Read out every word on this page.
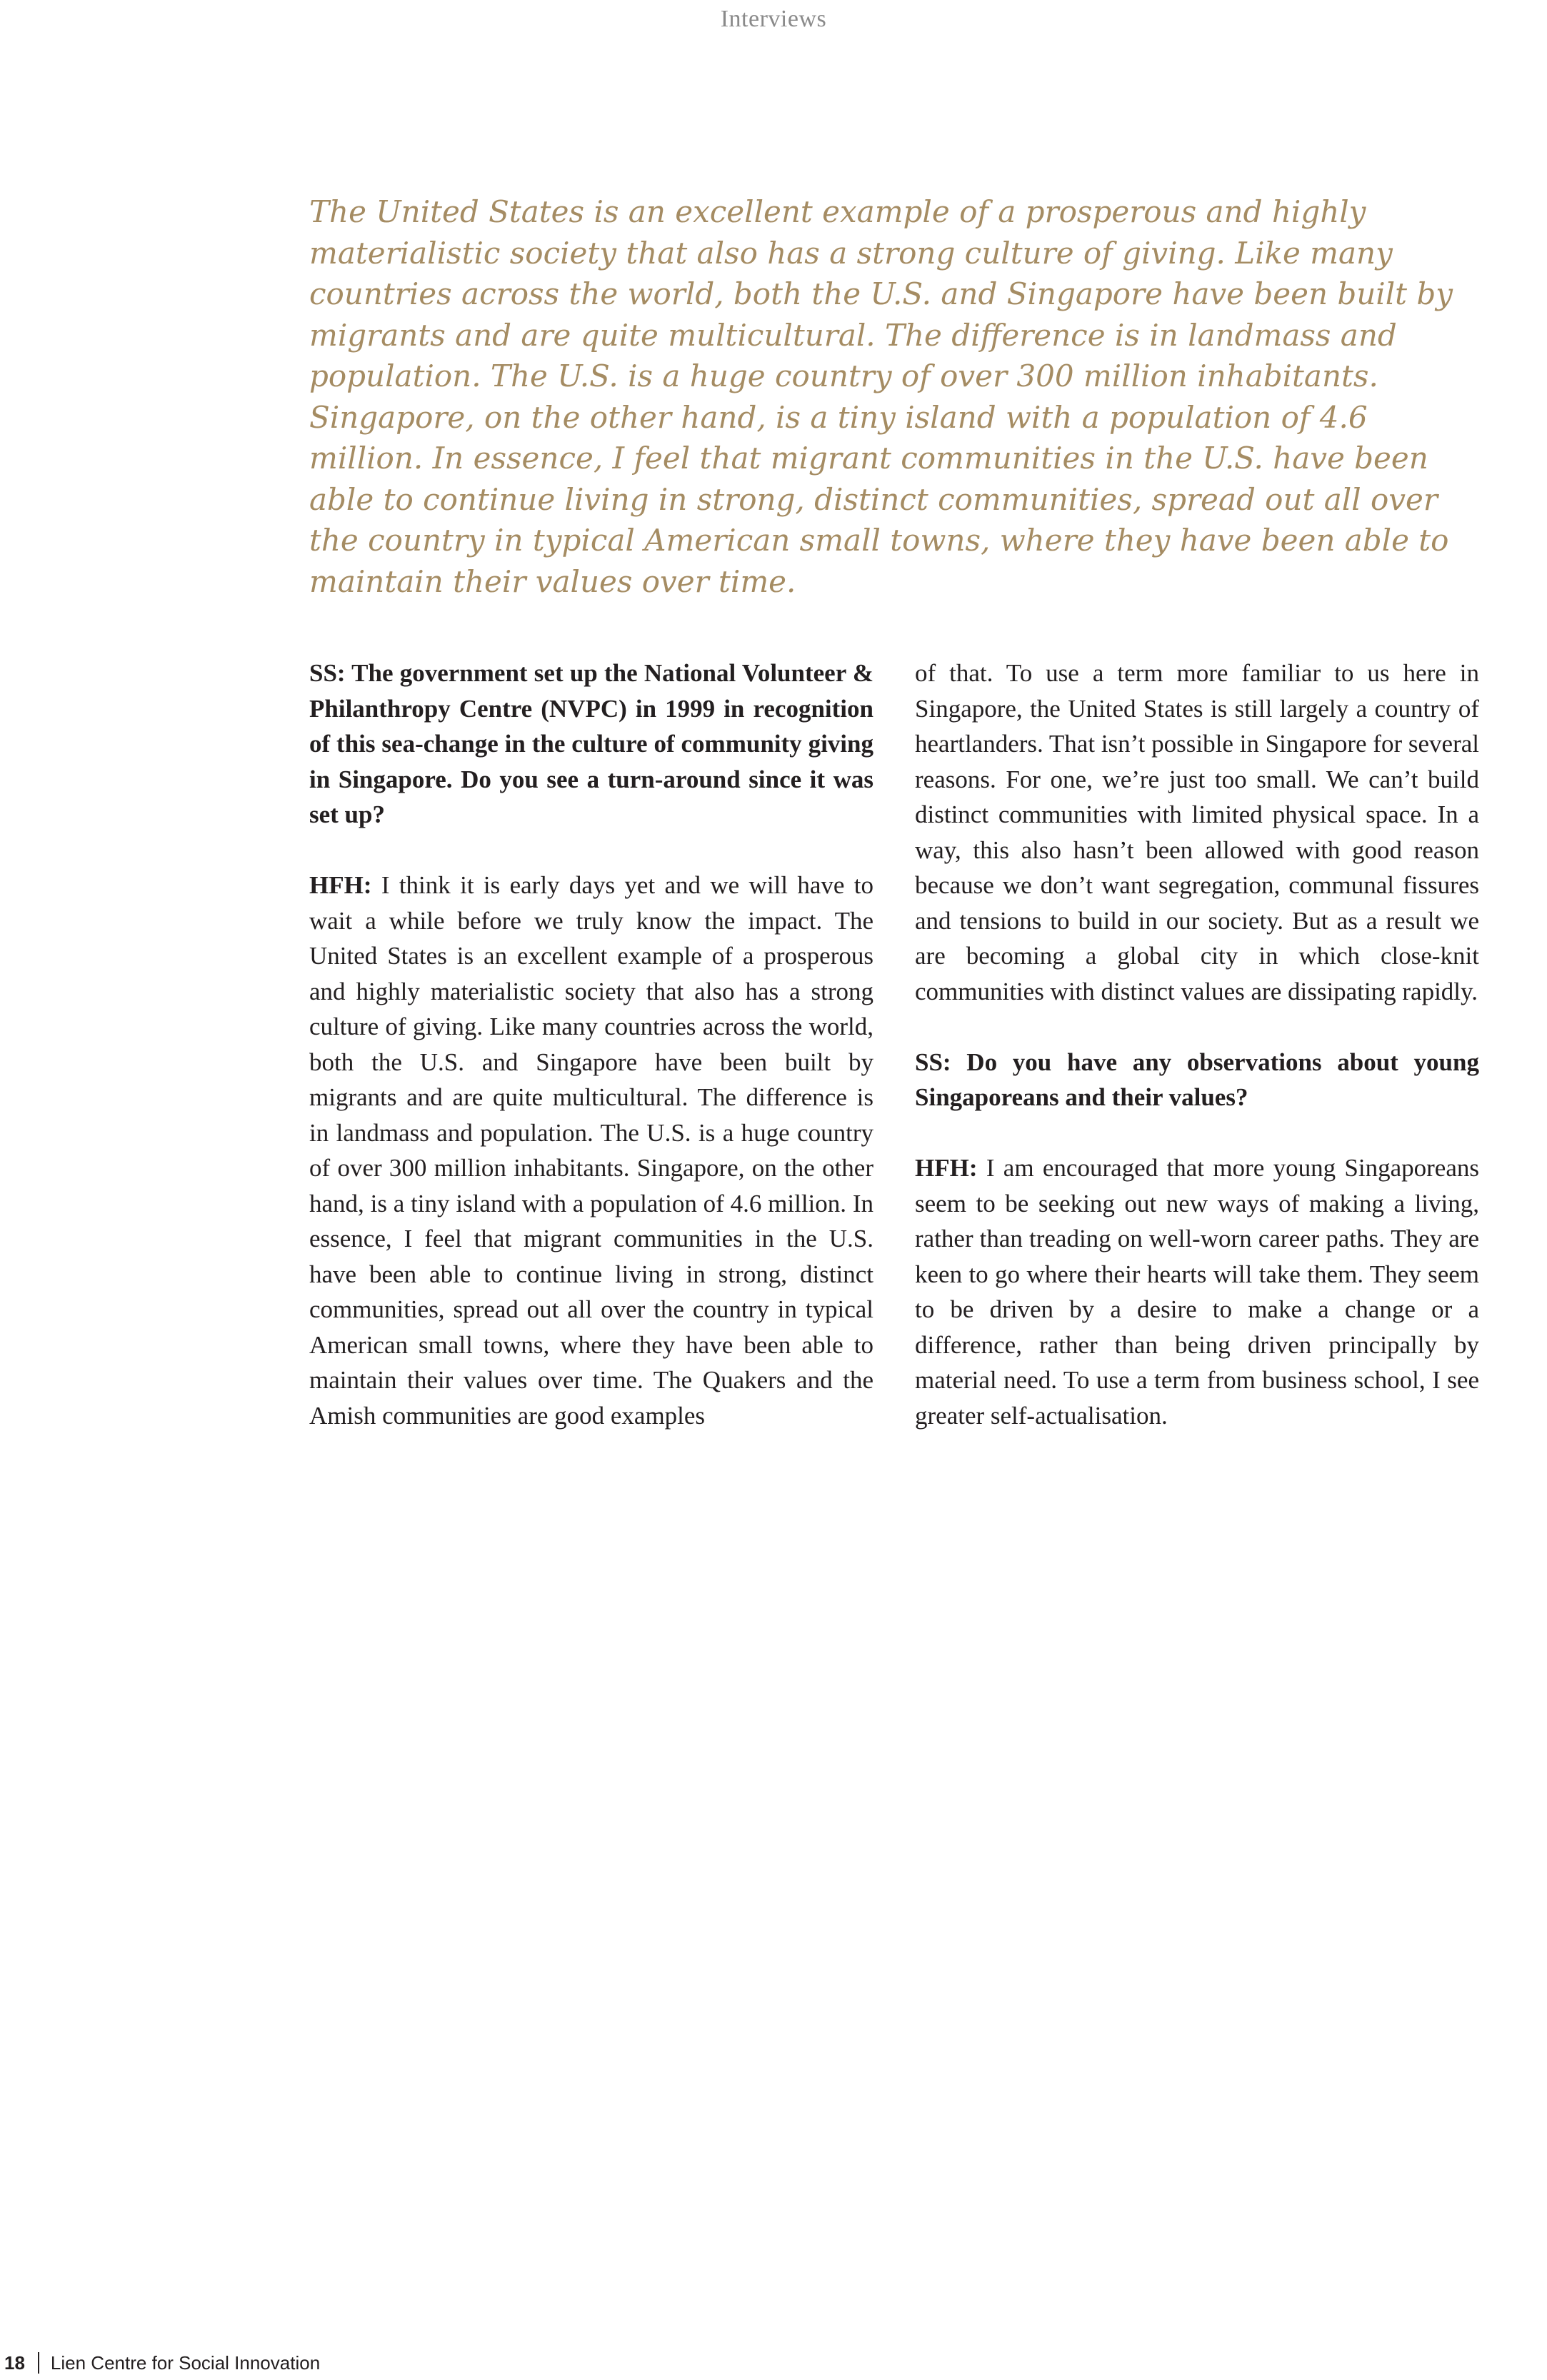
Interviews

The United States is an excellent example of a prosperous and highly materialistic society that also has a strong culture of giving. Like many countries across the world, both the U.S. and Singapore have been built by migrants and are quite multicultural. The difference is in landmass and population. The U.S. is a huge country of over 300 million inhabitants. Singapore, on the other hand, is a tiny island with a population of 4.6 million. In essence, I feel that migrant communities in the U.S. have been able to continue living in strong, distinct communities, spread out all over the country in typical American small towns, where they have been able to maintain their values over time.

SS: The government set up the National Volunteer & Philanthropy Centre (NVPC) in 1999 in recognition of this sea-change in the culture of community giving in Singapore. Do you see a turn-around since it was set up?

HFH: I think it is early days yet and we will have to wait a while before we truly know the impact. The United States is an excellent example of a prosperous and highly materialistic society that also has a strong culture of giving. Like many countries across the world, both the U.S. and Singapore have been built by migrants and are quite multicultural. The difference is in landmass and population. The U.S. is a huge country of over 300 million inhabitants. Singapore, on the other hand, is a tiny island with a population of 4.6 million. In essence, I feel that migrant communities in the U.S. have been able to continue living in strong, distinct communities, spread out all over the country in typical American small towns, where they have been able to maintain their values over time. The Quakers and the Amish communities are good examples

of that. To use a term more familiar to us here in Singapore, the United States is still largely a country of heartlanders. That isn’t possible in Singapore for several reasons. For one, we’re just too small. We can’t build distinct communities with limited physical space. In a way, this also hasn’t been allowed with good reason because we don’t want segregation, communal fissures and tensions to build in our society. But as a result we are becoming a global city in which close-knit communities with distinct values are dissipating rapidly.

SS: Do you have any observations about young Singaporeans and their values?

HFH: I am encouraged that more young Singaporeans seem to be seeking out new ways of making a living, rather than treading on well-worn career paths. They are keen to go where their hearts will take them. They seem to be driven by a desire to make a change or a difference, rather than being driven principally by material need. To use a term from business school, I see greater self-actualisation.

18 Lien Centre for Social Innovation
